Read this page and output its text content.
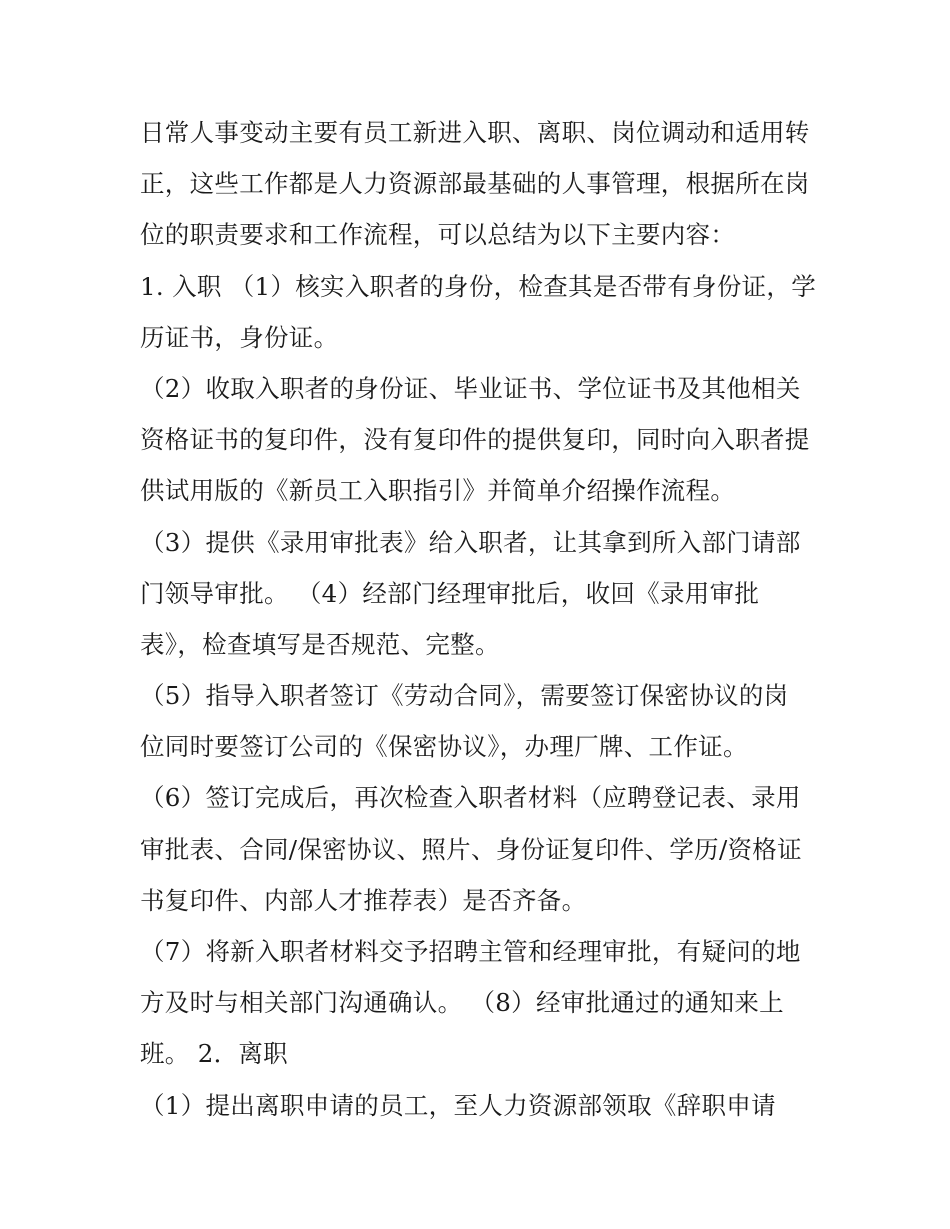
日常人事变动主要有员工新进入职、离职、岗位调动和适用转
正，这些工作都是人力资源部最基础的人事管理，根据所在岗
位的职责要求和工作流程，可以总结为以下主要内容：
1. 入职 （1）核实入职者的身份，检查其是否带有身份证，学
历证书，身份证。
（2）收取入职者的身份证、毕业证书、学位证书及其他相关
资格证书的复印件，没有复印件的提供复印，同时向入职者提
供试用版的《新员工入职指引》并简单介绍操作流程。
（3）提供《录用审批表》给入职者，让其拿到所入部门请部
门领导审批。 （4）经部门经理审批后，收回《录用审批
表》，检查填写是否规范、完整。
（5）指导入职者签订《劳动合同》，需要签订保密协议的岗
位同时要签订公司的《保密协议》，办理厂牌、工作证。
（6）签订完成后，再次检查入职者材料（应聘登记表、录用
审批表、合同/保密协议、照片、身份证复印件、学历/资格证
书复印件、内部人才推荐表）是否齐备。
（7）将新入职者材料交予招聘主管和经理审批，有疑问的地
方及时与相关部门沟通确认。 （8）经审批通过的通知来上
班。 2．离职
（1）提出离职申请的员工，至人力资源部领取《辞职申请
